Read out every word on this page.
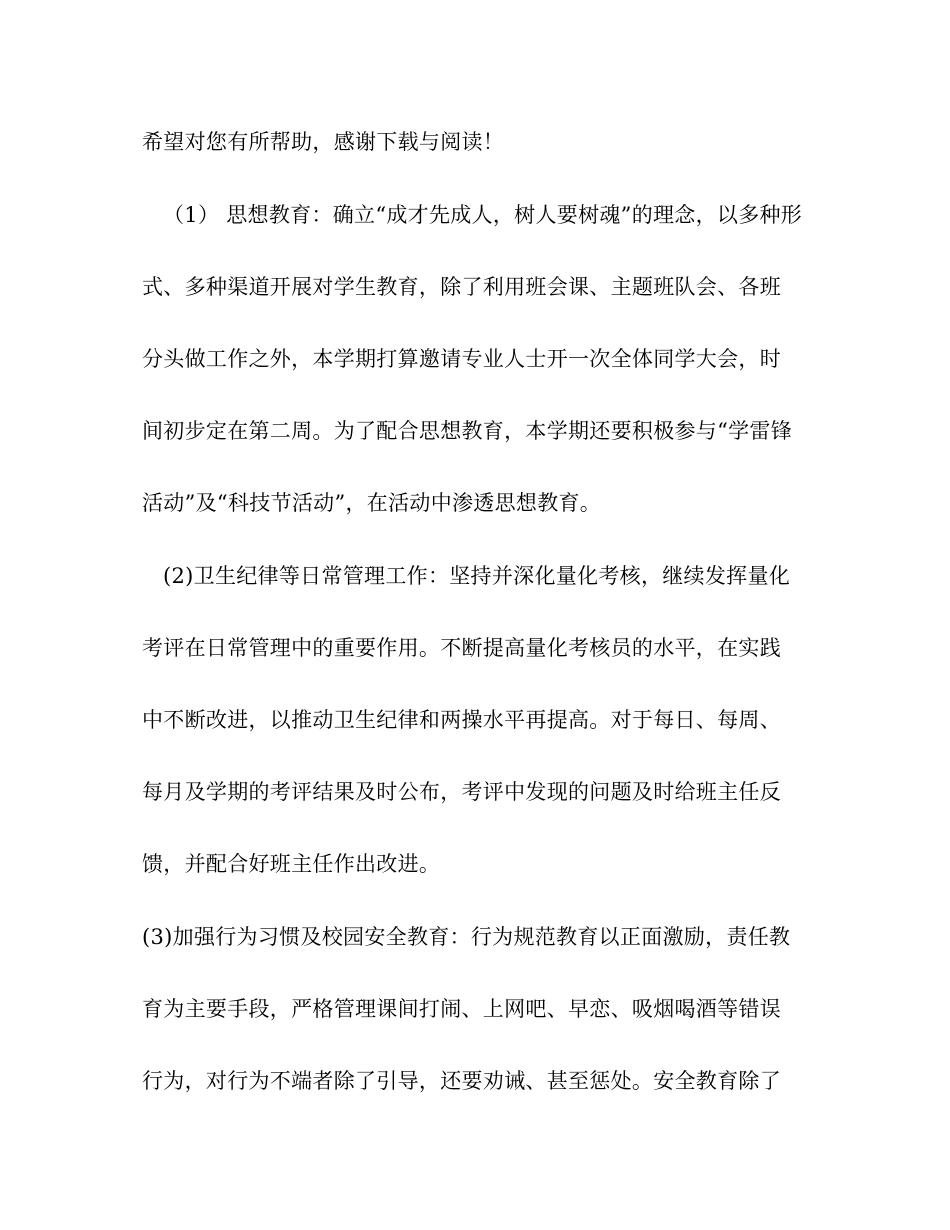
希望对您有所帮助，感谢下载与阅读！
（1） 思想教育：确立“成才先成人，树人要树魂”的理念，以多种形
式、多种渠道开展对学生教育，除了利用班会课、主题班队会、各班
分头做工作之外，本学期打算邀请专业人士开一次全体同学大会，时
间初步定在第二周。为了配合思想教育，本学期还要积极参与“学雷锋
活动”及“科技节活动”，在活动中渗透思想教育。
(2)卫生纪律等日常管理工作：坚持并深化量化考核，继续发挥量化
考评在日常管理中的重要作用。不断提高量化考核员的水平，在实践
中不断改进，以推动卫生纪律和两操水平再提高。对于每日、每周、
每月及学期的考评结果及时公布，考评中发现的问题及时给班主任反
馈，并配合好班主任作出改进。
(3)加强行为习惯及校园安全教育：行为规范教育以正面激励，责任教
育为主要手段，严格管理课间打闹、上网吧、早恋、吸烟喝酒等错误
行为，对行为不端者除了引导，还要劝诫、甚至惩处。安全教育除了
